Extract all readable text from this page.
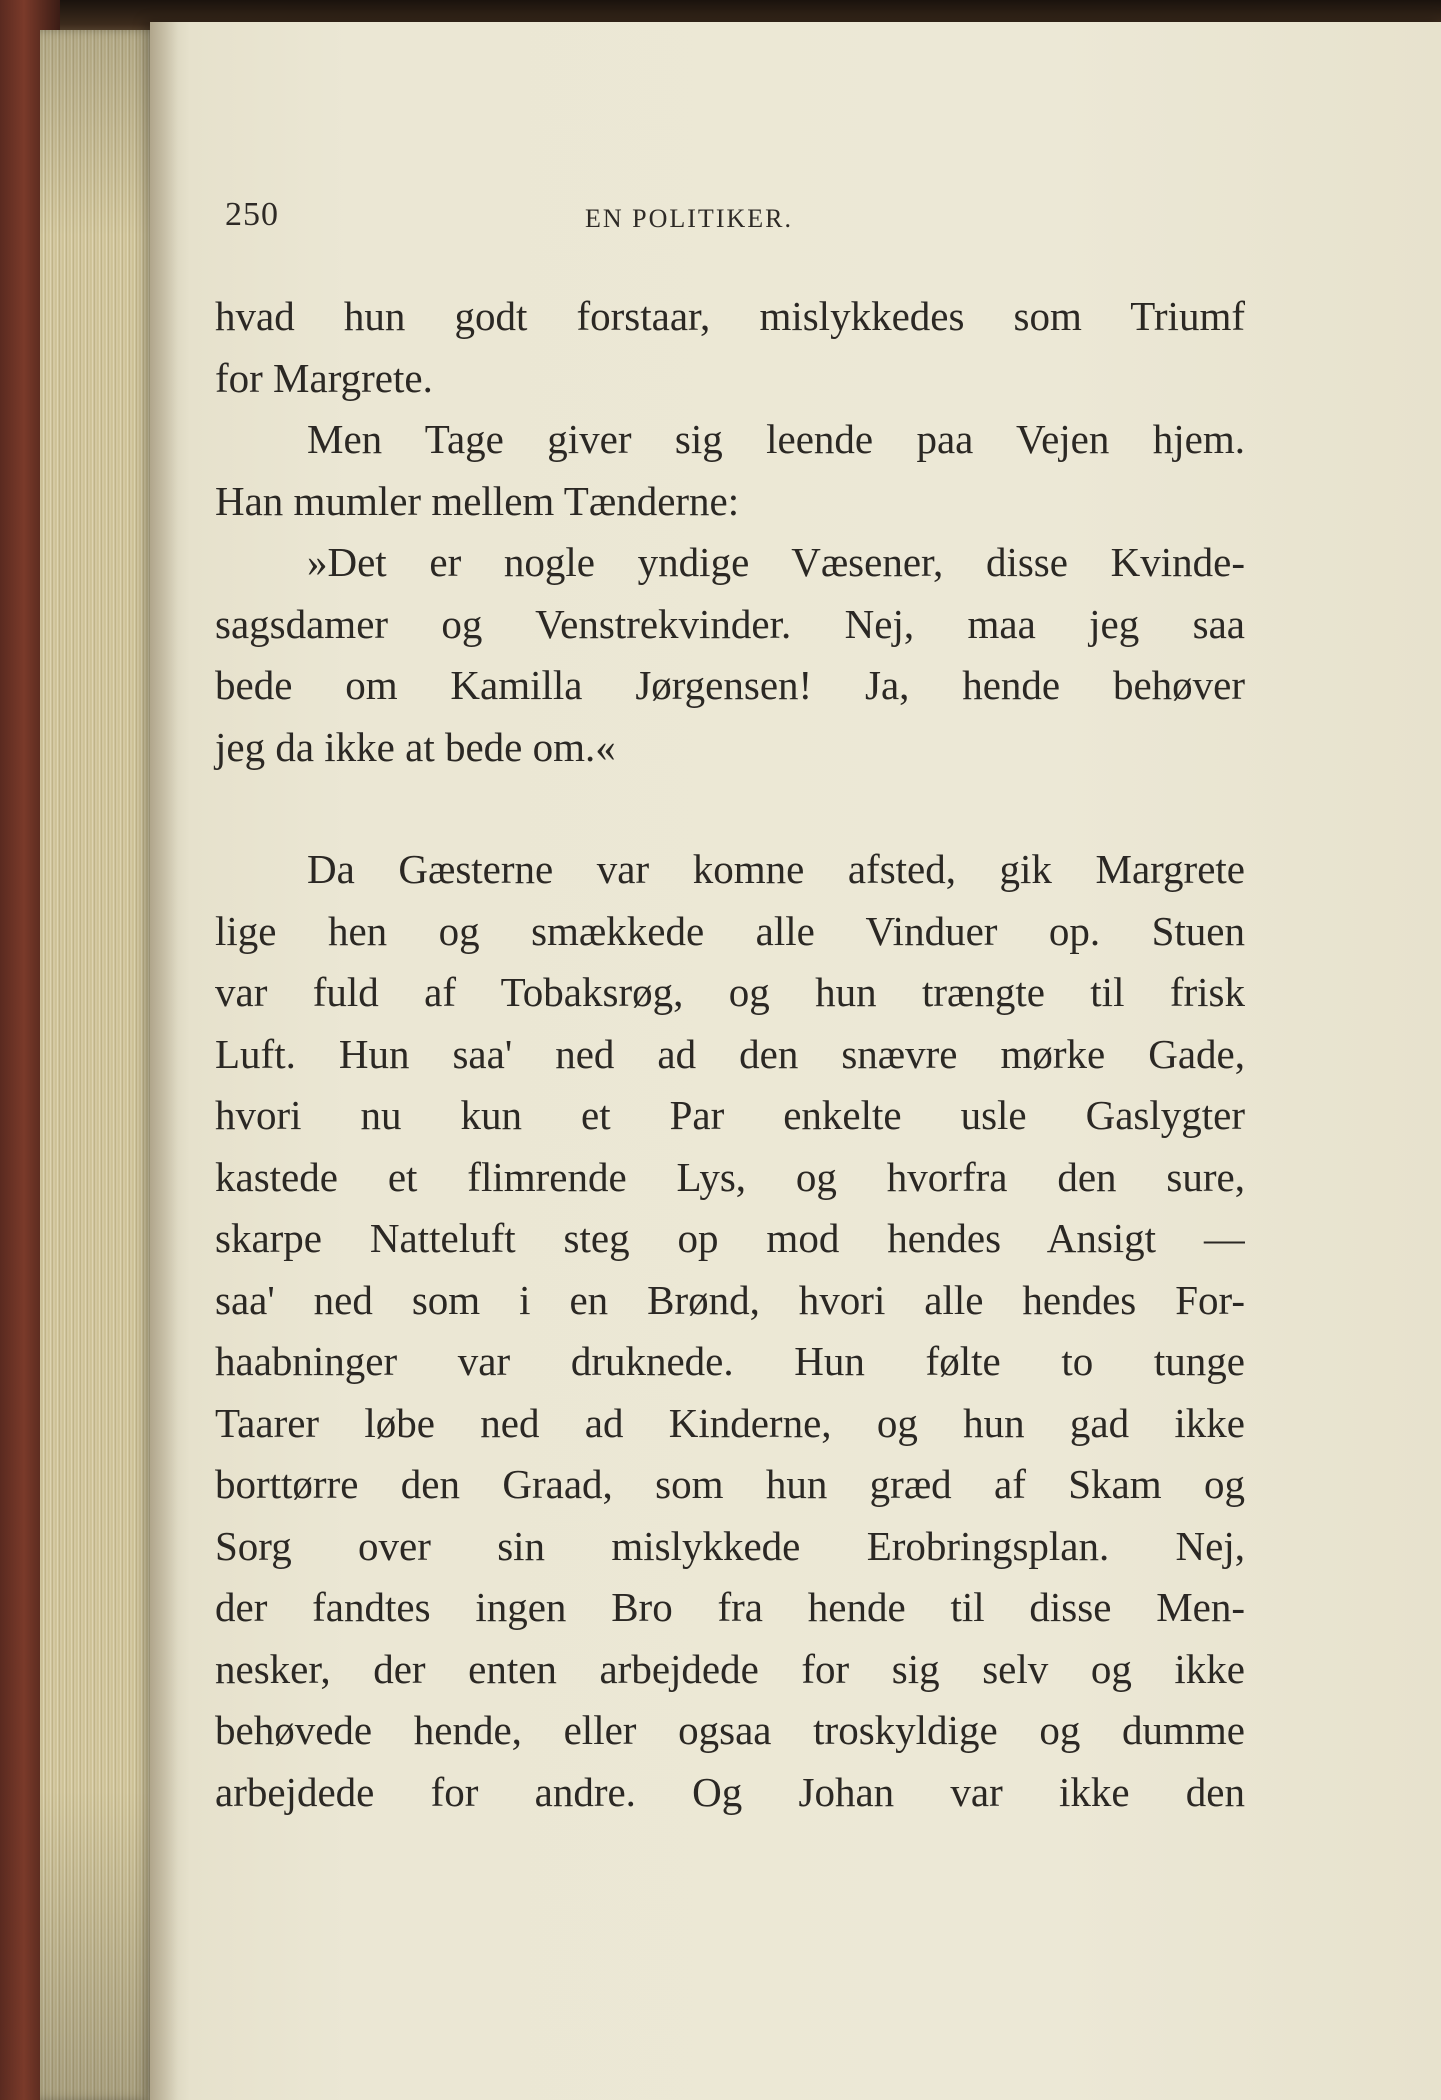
250	EN POLITIKER.
hvad hun godt forstaar, mislykkedes som Triumf
for Margrete.
Men Tage giver sig leende paa Vejen hjem.
Han mumler mellem Tænderne:
»Det er nogle yndige Væsener, disse Kvinde-
sagsdamer og Venstrekvinder. Nej, maa jeg saa
bede om Kamilla Jørgensen! Ja, hende behøver
jeg da ikke at bede om.«
Da Gæsterne var komne afsted, gik Margrete
lige hen og smækkede alle Vinduer op. Stuen
var fuld af Tobaksrøg, og hun trængte til frisk
Luft. Hun saa' ned ad den snævre mørke Gade,
hvori nu kun et Par enkelte usle Gaslygter
kastede et flimrende Lys, og hvorfra den sure,
skarpe Natteluft steg op mod hendes Ansigt —
saa' ned som i en Brønd, hvori alle hendes For-
haabninger var druknede. Hun følte to tunge
Taarer løbe ned ad Kinderne, og hun gad ikke
borttørre den Graad, som hun græd af Skam og
Sorg over sin mislykkede Erobringsplan. Nej,
der fandtes ingen Bro fra hende til disse Men-
nesker, der enten arbejdede for sig selv og ikke
behøvede hende, eller ogsaa troskyldige og dumme
arbejdede for andre. Og Johan var ikke den
